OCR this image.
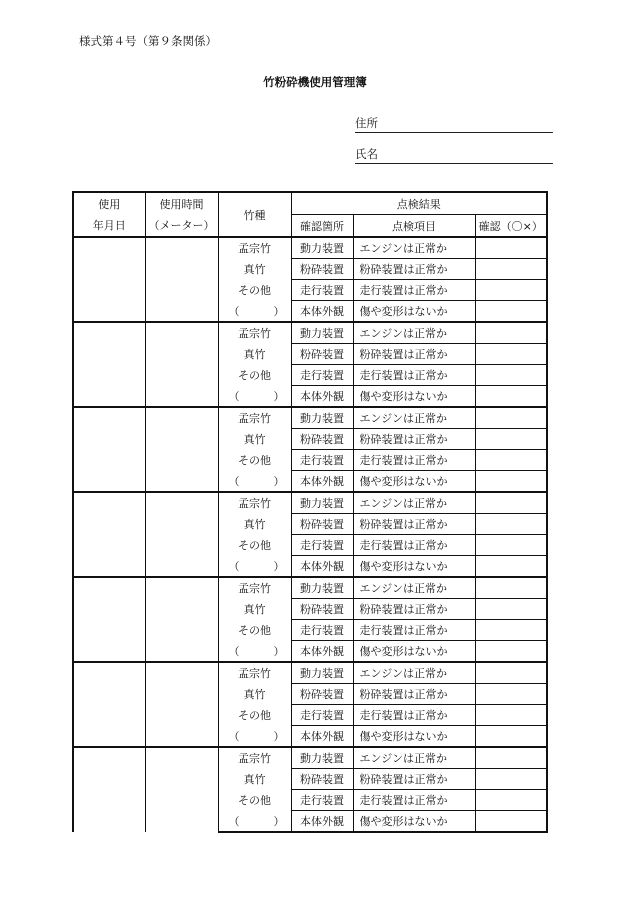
様式第４号（第９条関係）
竹粉砕機使用管理簿
住所
氏名
使用	使用時間	竹種	点検結果		
年月日	（メーター）		確認箇所	点検項目	確認（〇×）
		孟宗竹	動力装置	エンジンは正常か	
		真竹	粉砕装置	粉砕装置は正常か	
		その他	走行装置	走行装置は正常か	

		（ ）	本体外観	傷や変形はないか	
		孟宗竹	動力装置	エンジンは正常か	
		真竹	粉砕装置	粉砕装置は正常か	
		その他	走行装置	走行装置は正常か	

		（ ）	本体外観	傷や変形はないか	
		孟宗竹	動力装置	エンジンは正常か	
		真竹	粉砕装置	粉砕装置は正常か	
		その他	走行装置	走行装置は正常か	

		（ ）	本体外観	傷や変形はないか	
		孟宗竹	動力装置	エンジンは正常か	
		真竹	粉砕装置	粉砕装置は正常か	
		その他	走行装置	走行装置は正常か	

		（ ）	本体外観	傷や変形はないか	
		孟宗竹	動力装置	エンジンは正常か	
		真竹	粉砕装置	粉砕装置は正常か	
		その他	走行装置	走行装置は正常か	

		（ ）	本体外観	傷や変形はないか	
		孟宗竹	動力装置	エンジンは正常か	
		真竹	粉砕装置	粉砕装置は正常か	
		その他	走行装置	走行装置は正常か	

		（ ）	本体外観	傷や変形はないか	
		孟宗竹	動力装置	エンジンは正常か	
		真竹	粉砕装置	粉砕装置は正常か	
		その他	走行装置	走行装置は正常か	

		（ ）	本体外観	傷や変形はないか	
